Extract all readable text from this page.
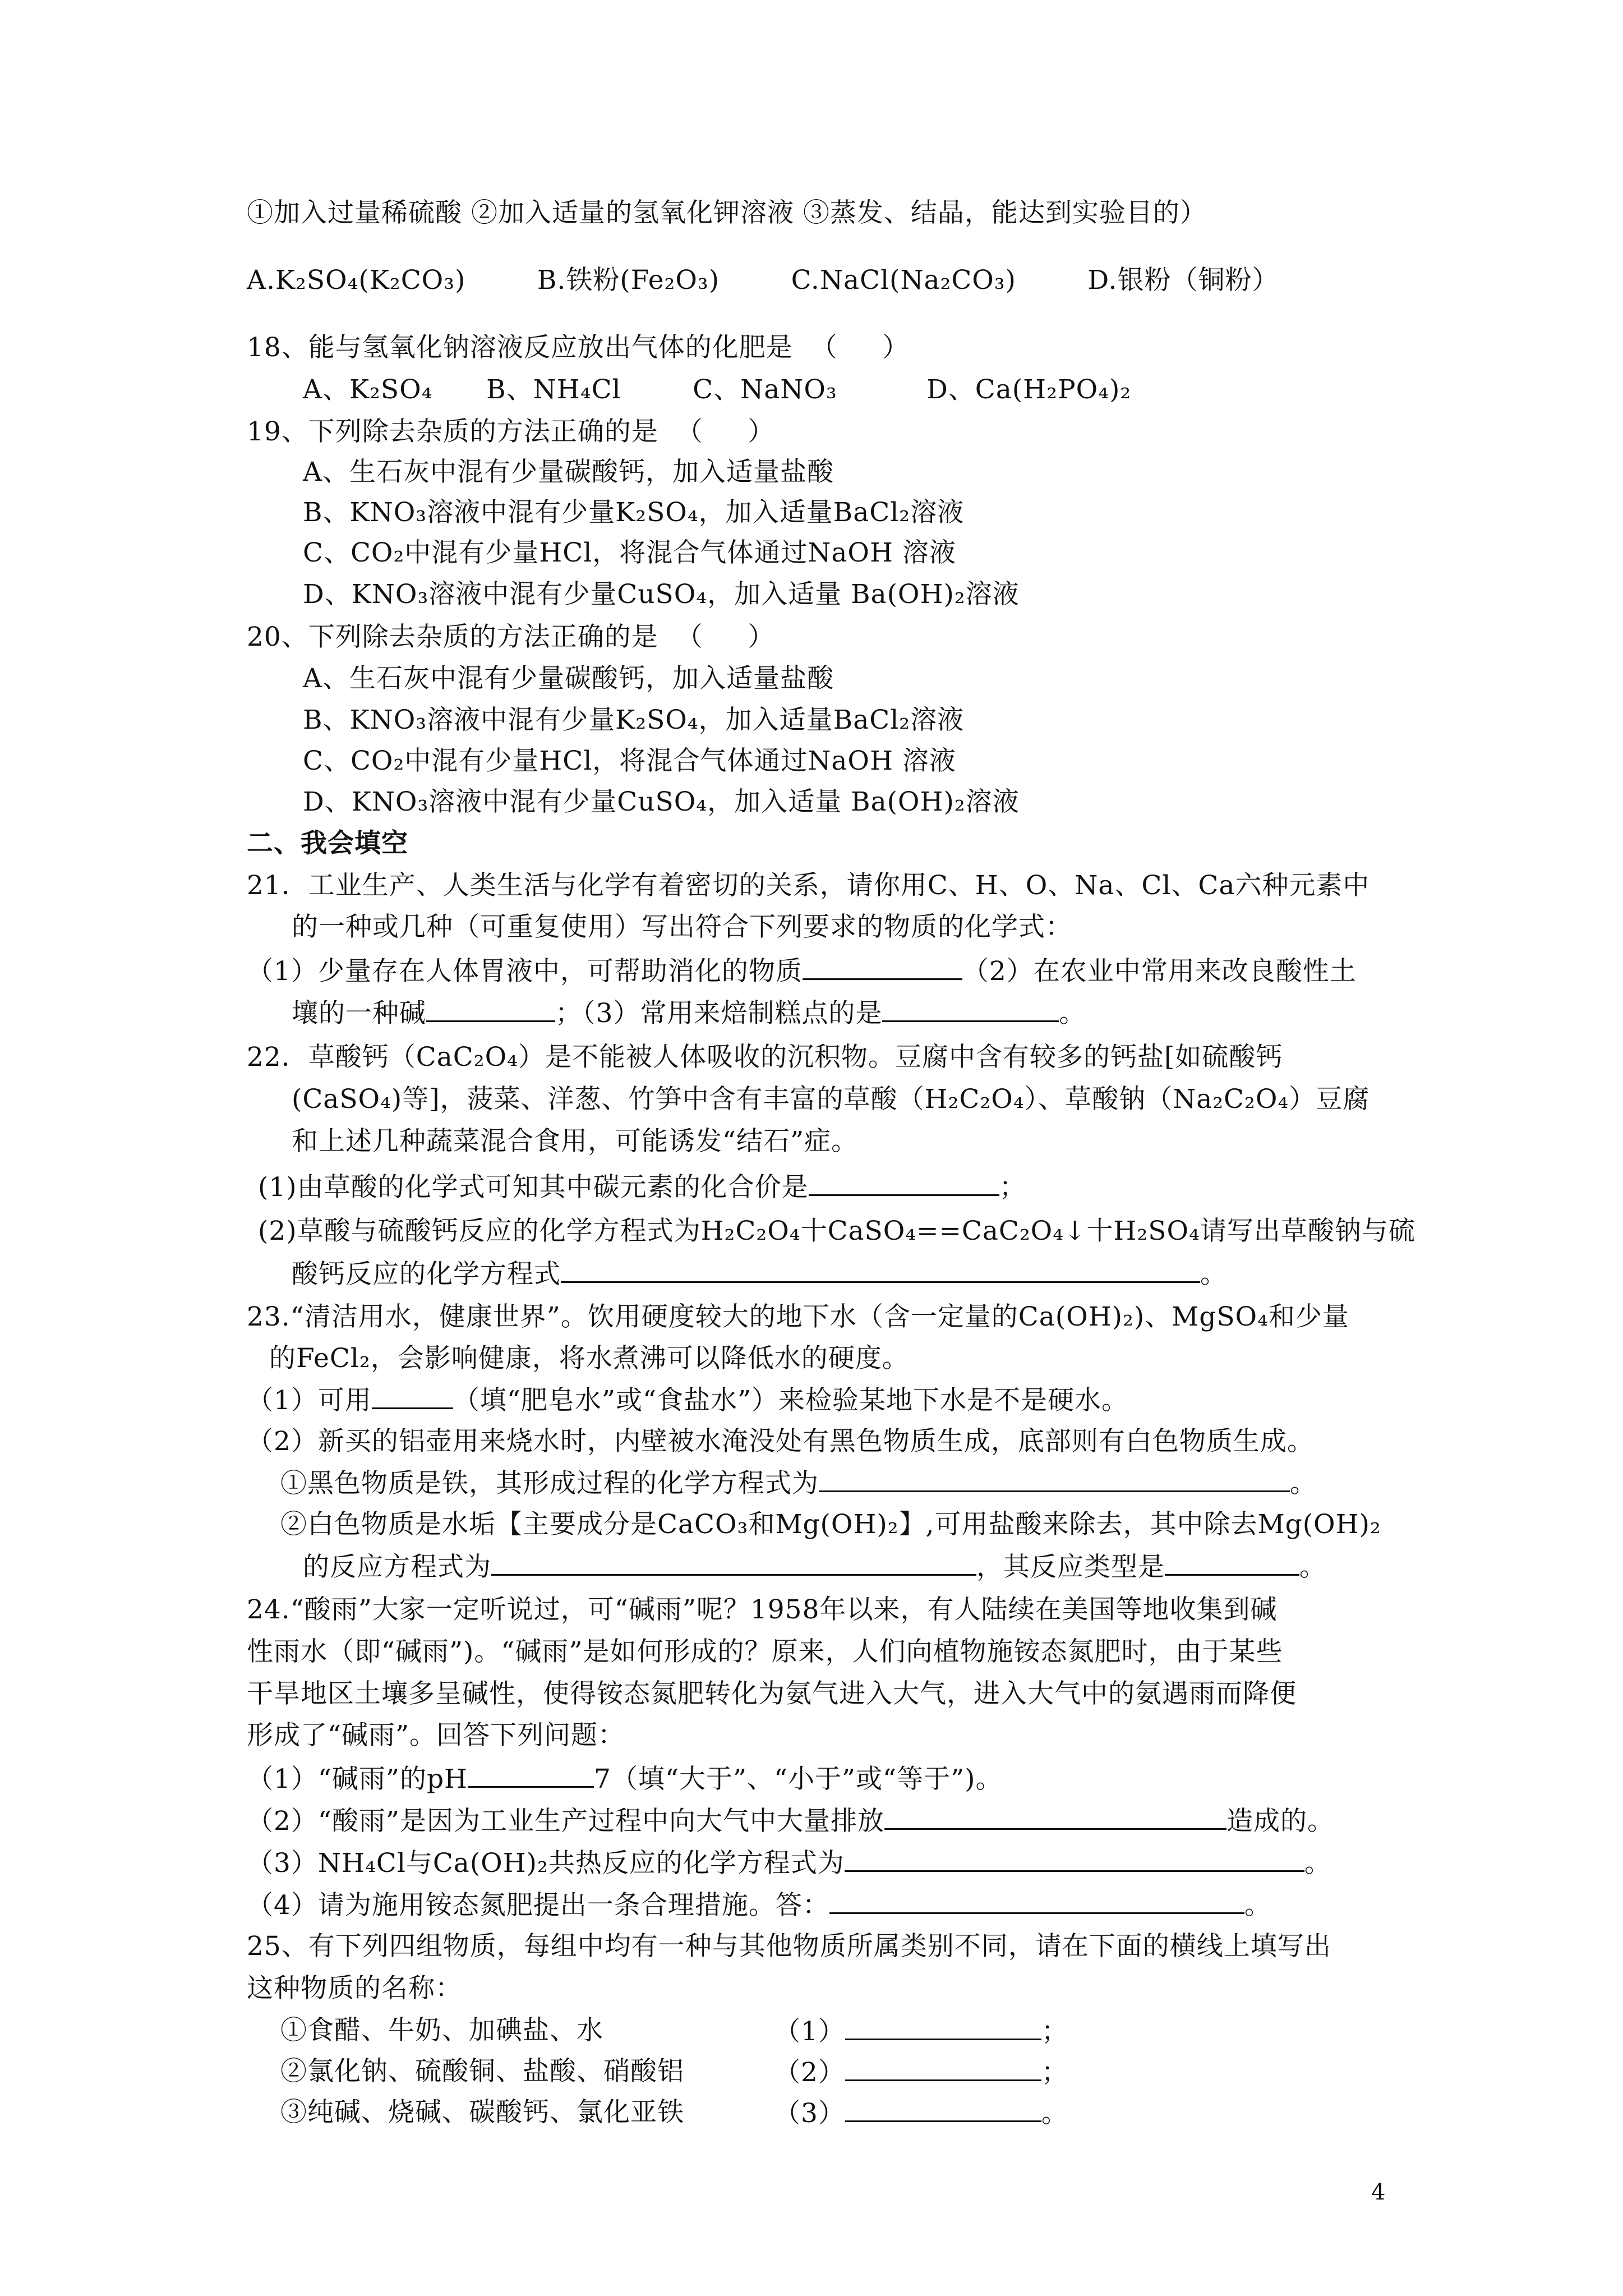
①加入过量稀硫酸 ②加入适量的氢氧化钾溶液 ③蒸发、结晶，能达到实验目的）
A.K₂SO₄(K₂CO₃)        B.铁粉(Fe₂O₃)        C.NaCl(Na₂CO₃)        D.银粉（铜粉）
18、能与氢氧化钠溶液反应放出气体的化肥是  （     ）
A、K₂SO₄      B、NH₄Cl        C、NaNO₃          D、Ca(H₂PO₄)₂
19、下列除去杂质的方法正确的是  （     ）
A、生石灰中混有少量碳酸钙，加入适量盐酸
B、KNO₃溶液中混有少量K₂SO₄，加入适量BaCl₂溶液
C、CO₂中混有少量HCl，将混合气体通过NaOH 溶液
D、KNO₃溶液中混有少量CuSO₄，加入适量 Ba(OH)₂溶液
20、下列除去杂质的方法正确的是  （     ）
A、生石灰中混有少量碳酸钙，加入适量盐酸
B、KNO₃溶液中混有少量K₂SO₄，加入适量BaCl₂溶液
C、CO₂中混有少量HCl，将混合气体通过NaOH 溶液
D、KNO₃溶液中混有少量CuSO₄，加入适量 Ba(OH)₂溶液
二、我会填空
21．工业生产、人类生活与化学有着密切的关系，请你用C、H、O、Na、Cl、Ca六种元素中
的一种或几种（可重复使用）写出符合下列要求的物质的化学式：
（1）少量存在人体胃液中，可帮助消化的物质	（2）在农业中常用来改良酸性土
壤的一种碱	；（3）常用来焙制糕点的是	。
22．草酸钙（CaC₂O₄）是不能被人体吸收的沉积物。豆腐中含有较多的钙盐[如硫酸钙
(CaSO₄)等]，菠菜、洋葱、竹笋中含有丰富的草酸（H₂C₂O₄）、草酸钠（Na₂C₂O₄）豆腐
和上述几种蔬菜混合食用，可能诱发“结石”症。
(1)由草酸的化学式可知其中碳元素的化合价是	；
(2)草酸与硫酸钙反应的化学方程式为H₂C₂O₄十CaSO₄==CaC₂O₄↓十H₂SO₄请写出草酸钠与硫
酸钙反应的化学方程式	。
23.“清洁用水，健康世界”。饮用硬度较大的地下水（含一定量的Ca(OH)₂)、MgSO₄和少量
的FeCl₂，会影响健康，将水煮沸可以降低水的硬度。
（1）可用	（填“肥皂水”或“食盐水”）来检验某地下水是不是硬水。
（2）新买的铝壶用来烧水时，内壁被水淹没处有黑色物质生成，底部则有白色物质生成。
①黑色物质是铁，其形成过程的化学方程式为	。
②白色物质是水垢【主要成分是CaCO₃和Mg(OH)₂】,可用盐酸来除去，其中除去Mg(OH)₂
的反应方程式为	，其反应类型是	。
24.“酸雨”大家一定听说过，可“碱雨”呢？1958年以来，有人陆续在美国等地收集到碱
性雨水（即“碱雨”)。“碱雨”是如何形成的？原来，人们向植物施铵态氮肥时，由于某些
干旱地区土壤多呈碱性，使得铵态氮肥转化为氨气进入大气，进入大气中的氨遇雨而降便
形成了“碱雨”。回答下列问题：
（1）“碱雨”的pH	7（填“大于”、“小于”或“等于”)。
（2）“酸雨”是因为工业生产过程中向大气中大量排放	造成的。
（3）NH₄Cl与Ca(OH)₂共热反应的化学方程式为	。
（4）请为施用铵态氮肥提出一条合理措施。答：	。
25、有下列四组物质，每组中均有一种与其他物质所属类别不同，请在下面的横线上填写出
这种物质的名称：
①食醋、牛奶、加碘盐、水	（1）	；
②氯化钠、硫酸铜、盐酸、硝酸铝	（2）	；
③纯碱、烧碱、碳酸钙、氯化亚铁	（3）	。
4
